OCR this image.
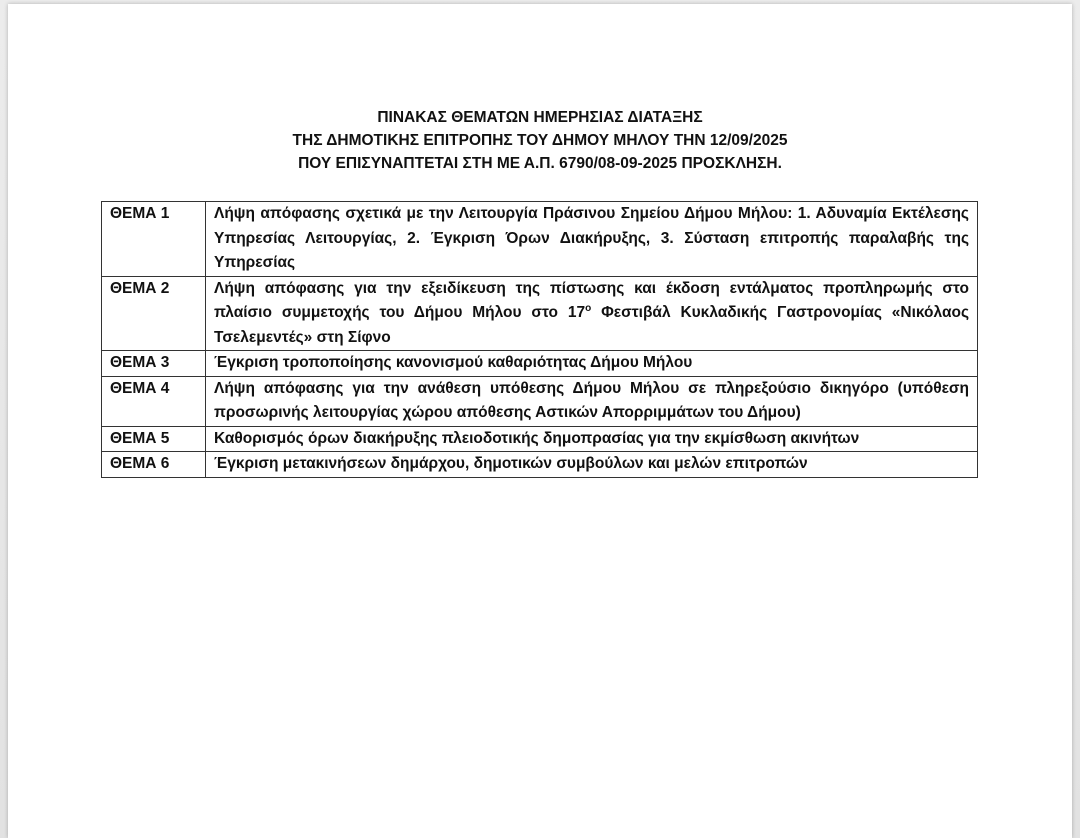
ΠΙΝΑΚΑΣ ΘΕΜΑΤΩΝ ΗΜΕΡΗΣΙΑΣ ΔΙΑΤΑΞΗΣ
ΤΗΣ ΔΗΜΟΤΙΚΗΣ ΕΠΙΤΡΟΠΗΣ ΤΟΥ ΔΗΜΟΥ ΜΗΛΟΥ ΤΗΝ 12/09/2025
ΠΟΥ ΕΠΙΣΥΝΑΠΤΕΤΑΙ ΣΤΗ ΜΕ Α.Π. 6790/08-09-2025 ΠΡΟΣΚΛΗΣΗ.
ΘΕΜΑ 1	Λήψη απόφασης σχετικά με την Λειτουργία Πράσινου Σημείου Δήμου Μήλου: 1. Αδυναμία Εκτέλεσης Υπηρεσίας Λειτουργίας, 2. Έγκριση Όρων Διακήρυξης, 3. Σύσταση επιτροπής παραλαβής της Υπηρεσίας
ΘΕΜΑ 2	Λήψη απόφασης για την εξειδίκευση της πίστωσης και έκδοση εντάλματος προπληρωμής στο πλαίσιο συμμετοχής του Δήμου Μήλου στο $17^o$ Φεστιβάλ Κυκλαδικής Γαστρονομίας «Νικόλαος Τσελεμεντές» στη Σίφνο
ΘΕΜΑ 3	Έγκριση τροποποίησης κανονισμού καθαριότητας Δήμου Μήλου
ΘΕΜΑ 4	Λήψη απόφασης για την ανάθεση υπόθεσης Δήμου Μήλου σε πληρεξούσιο δικηγόρο (υπόθεση προσωρινής λειτουργίας χώρου απόθεσης Αστικών Απορριμμάτων του Δήμου)
ΘΕΜΑ 5	Καθορισμός όρων διακήρυξης πλειοδοτικής δημοπρασίας για την εκμίσθωση ακινήτων
ΘΕΜΑ 6	Έγκριση μετακινήσεων δημάρχου, δημοτικών συμβούλων και μελών επιτροπών
